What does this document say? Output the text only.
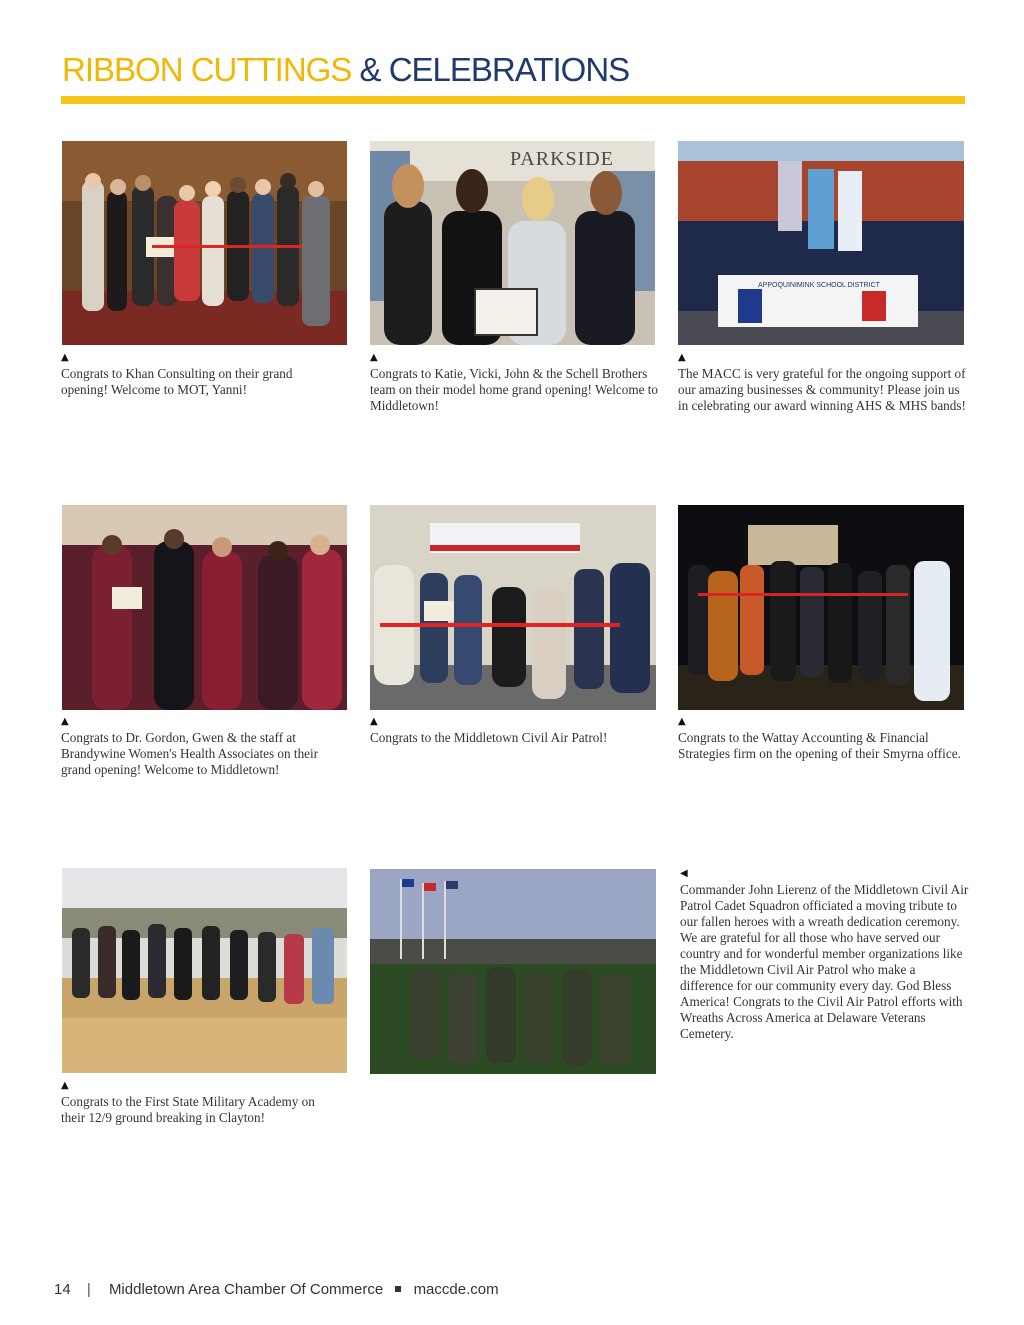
RIBBON CUTTINGS & CELEBRATIONS
▲
Congrats to Khan Consulting on their grand opening! Welcome to MOT, Yanni!
PARKSIDE
▲
Congrats to Katie, Vicki, John & the Schell Brothers team on their model home grand opening! Welcome to Middletown!
APPOQUINIMINK SCHOOL DISTRICT
▲
The MACC is very grateful for the ongoing support of our amazing businesses & community! Please join us in celebrating our award winning AHS & MHS bands!
▲
Congrats to Dr. Gordon, Gwen & the staff at Brandywine Women's Health Associates on their grand opening! Welcome to Middletown!
▲
Congrats to the Middletown Civil Air Patrol!
▲
Congrats to the Wattay Accounting & Financial Strategies firm on the opening of their Smyrna office.
▲
Congrats to the First State Military Academy on their 12/9 ground breaking in Clayton!
◀
Commander John Lierenz of the Middletown Civil Air Patrol Cadet Squadron officiated a moving tribute to our fallen heroes with a wreath dedication ceremony. We are grateful for all those who have served our country and for wonderful member organizations like the Middletown Civil Air Patrol who make a difference for our community every day. God Bless America! Congrats to the Civil Air Patrol efforts with Wreaths Across America at Delaware Veterans Cemetery.
14 | Middletown Area Chamber Of Commerce maccde.com
